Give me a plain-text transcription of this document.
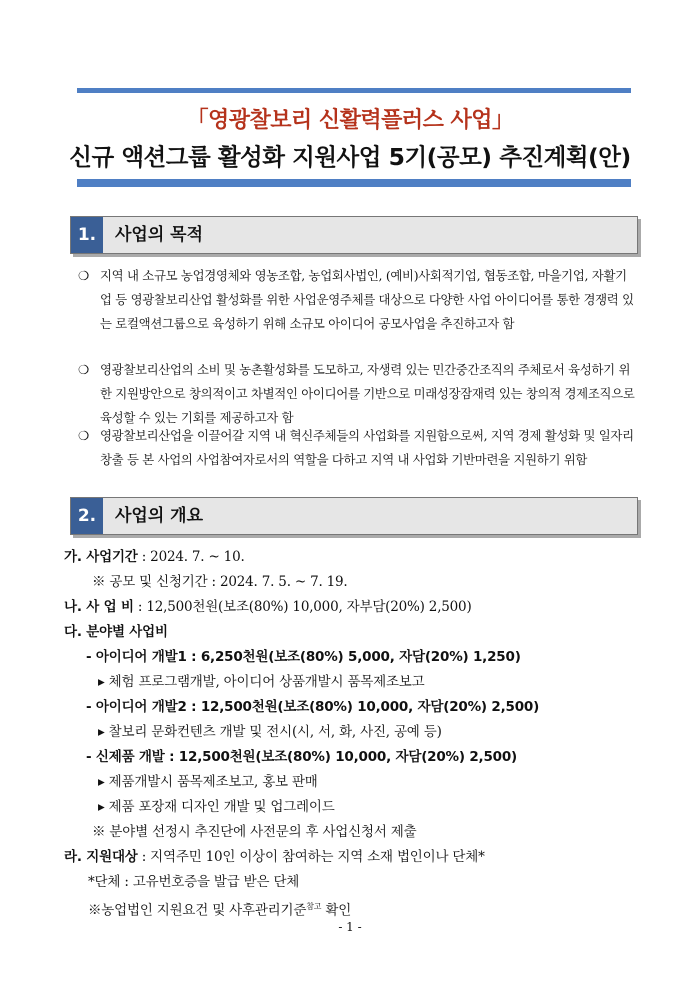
「영광찰보리 신활력플러스 사업」
신규 액션그룹 활성화 지원사업 5기(공모) 추진계획(안)
1.	사업의 목적
❍ 지역 내 소규모 농업경영체와 영농조합, 농업회사법인, (예비)사회적기업, 협동조합, 마을기업, 자활기업 등 영광찰보리산업 활성화를 위한 사업운영주체를 대상으로 다양한 사업 아이디어를 통한 경쟁력 있는 로컬액션그룹으로 육성하기 위해 소규모 아이디어 공모사업을 추진하고자 함
❍ 영광찰보리산업의 소비 및 농촌활성화를 도모하고, 자생력 있는 민간중간조직의 주체로서 육성하기 위한 지원방안으로 창의적이고 차별적인 아이디어를 기반으로 미래성장잠재력 있는 창의적 경제조직으로 육성할 수 있는 기회를 제공하고자 함
❍ 영광찰보리산업을 이끌어갈 지역 내 혁신주체들의 사업화를 지원함으로써, 지역 경제 활성화 및 일자리창출 등 본 사업의 사업참여자로서의 역할을 다하고 지역 내 사업화 기반마련을 지원하기 위함
2.	사업의 개요
가. 사업기간 : 2024. 7. ~ 10.
※ 공모 및 신청기간 : 2024. 7. 5. ~ 7. 19.
나. 사 업 비 : 12,500천원(보조(80%) 10,000, 자부담(20%) 2,500)
다. 분야별 사업비
- 아이디어 개발1 : 6,250천원(보조(80%) 5,000, 자담(20%) 1,250)
▸ 체험 프로그램개발, 아이디어 상품개발시 품목제조보고
- 아이디어 개발2 : 12,500천원(보조(80%) 10,000, 자담(20%) 2,500)
▸ 찰보리 문화컨텐츠 개발 및 전시(시, 서, 화, 사진, 공예 등)
- 신제품 개발 : 12,500천원(보조(80%) 10,000, 자담(20%) 2,500)
▸ 제품개발시 품목제조보고, 홍보 판매
▸ 제품 포장재 디자인 개발 및 업그레이드
※ 분야별 선정시 추진단에 사전문의 후 사업신청서 제출
라. 지원대상 : 지역주민 10인 이상이 참여하는 지역 소재 법인이나 단체*
*단체 : 고유번호증을 발급 받은 단체
※농업법인 지원요건 및 사후관리기준$^{참고}$ 확인
- 1 -
